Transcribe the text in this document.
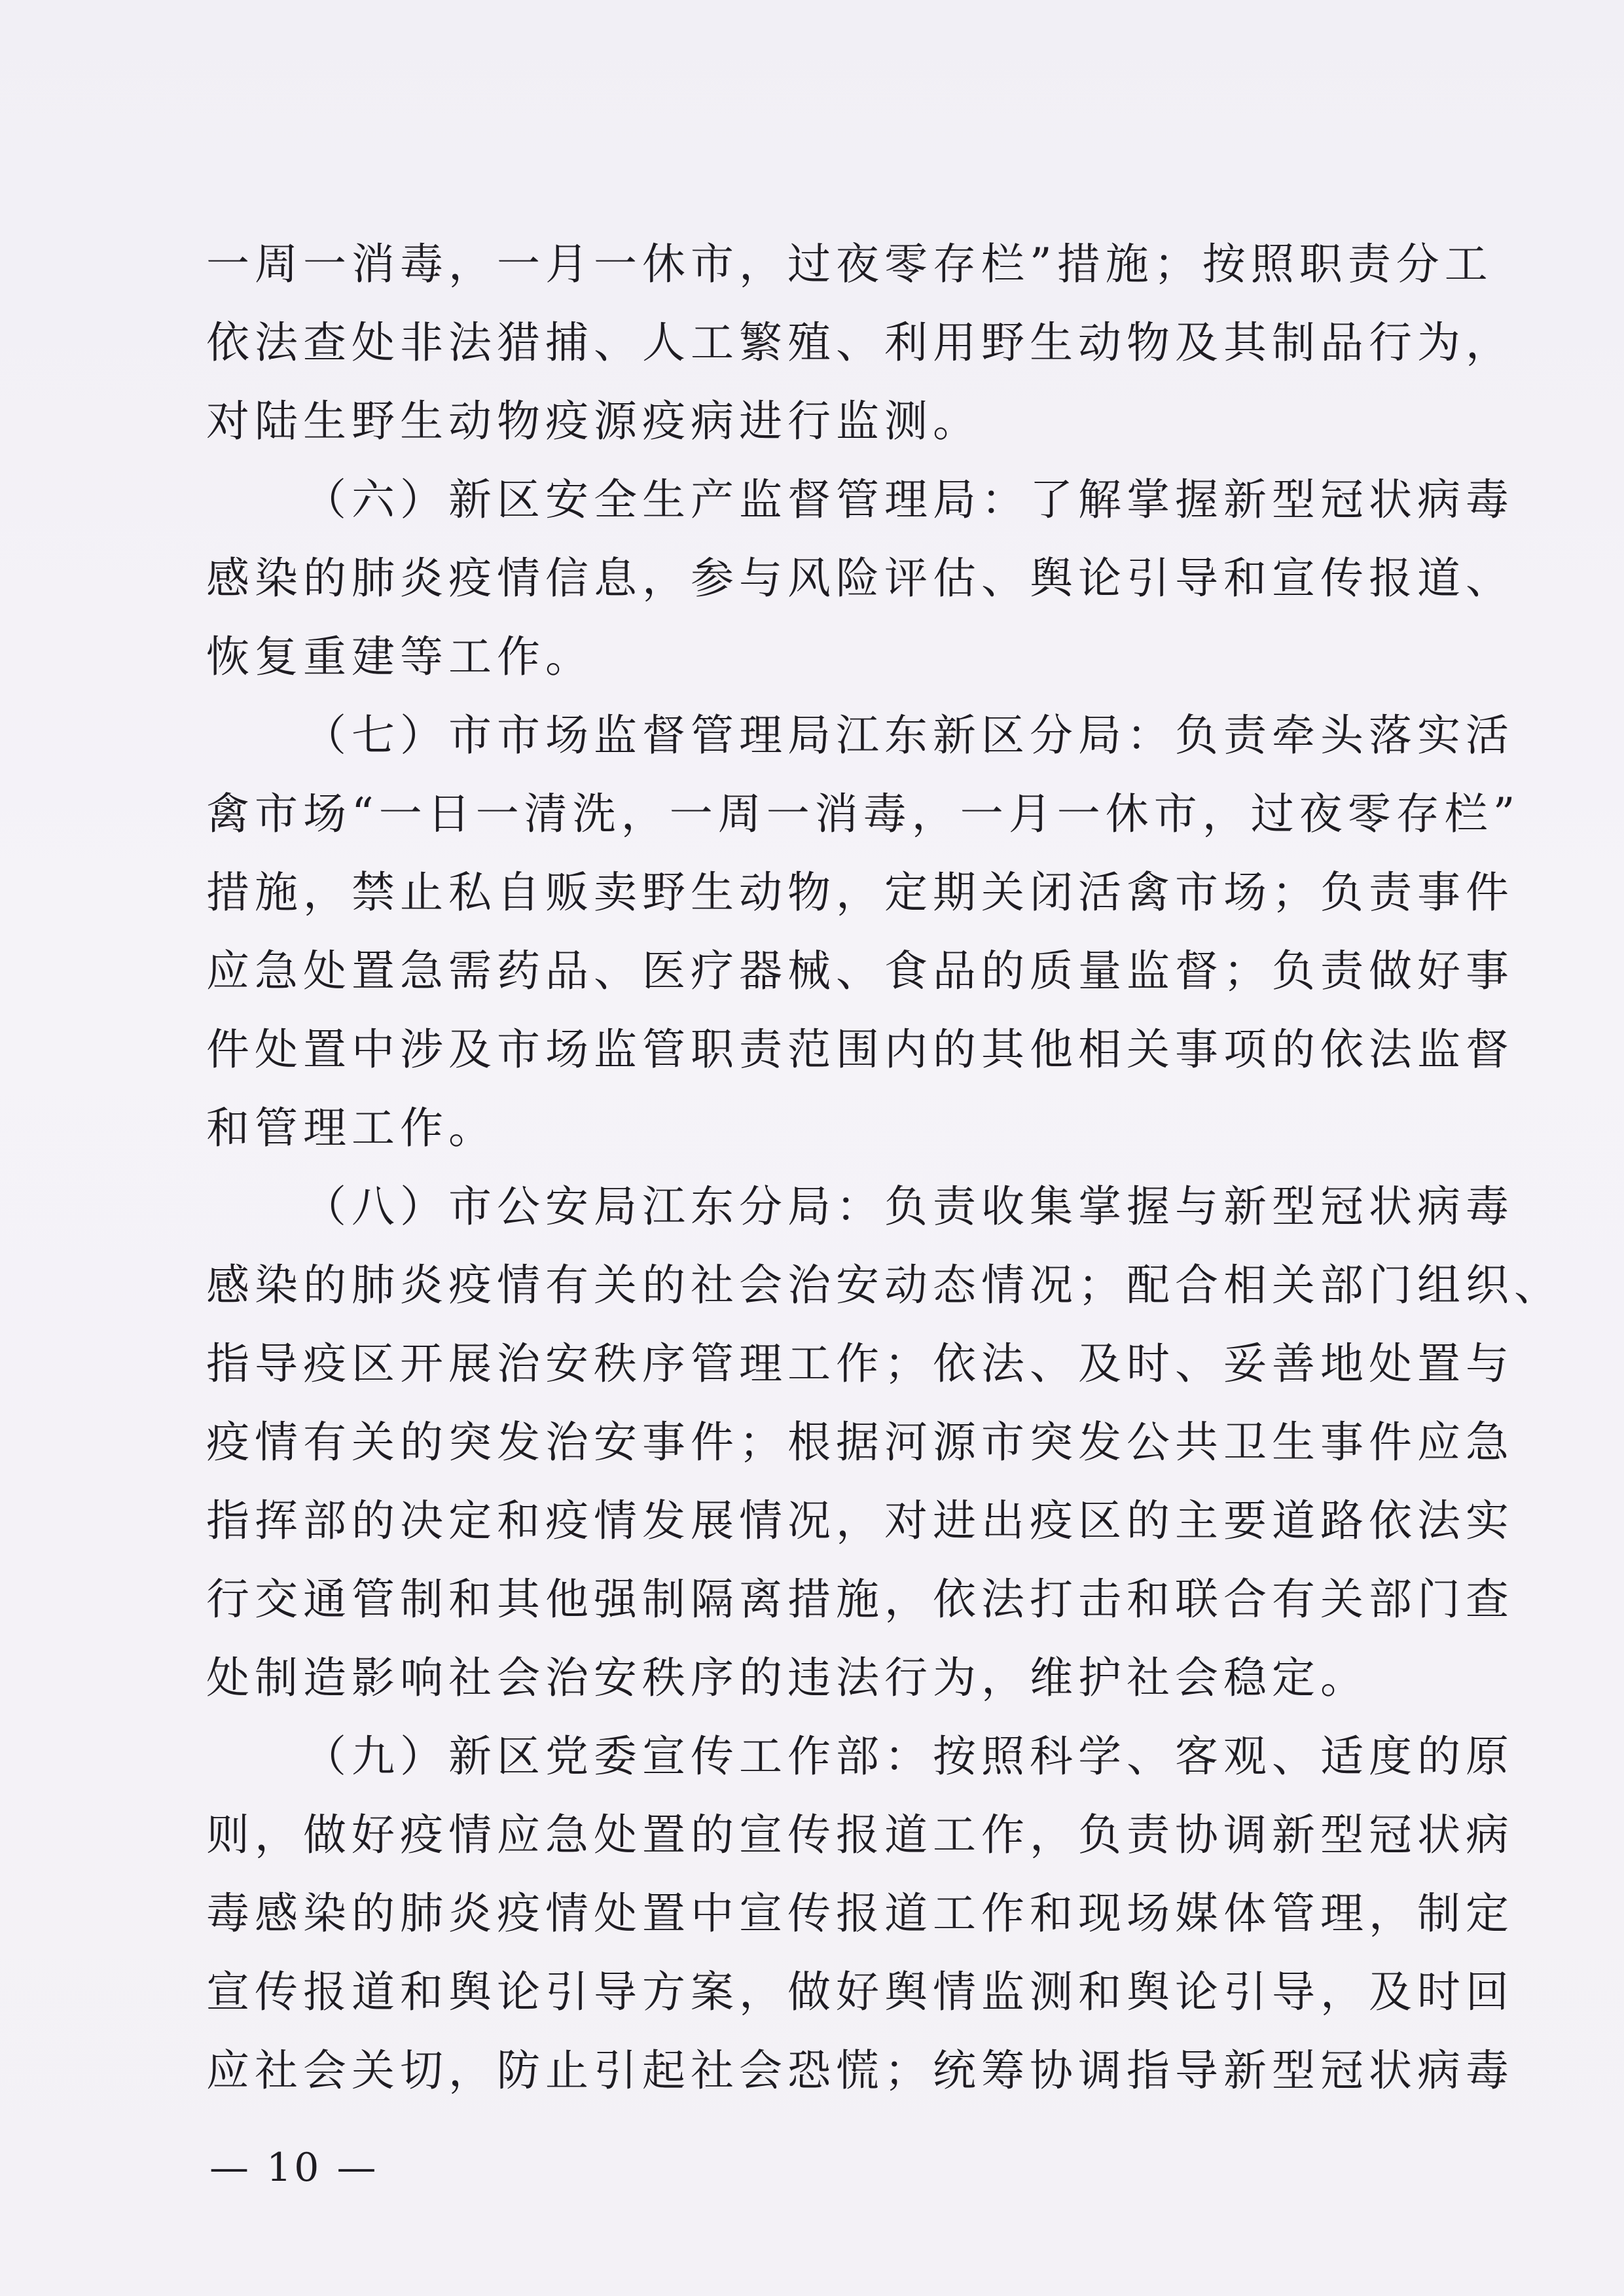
一周一消毒，一月一休市，过夜零存栏”措施；按照职责分工
依法查处非法猎捕、人工繁殖、利用野生动物及其制品行为，
对陆生野生动物疫源疫病进行监测。
（六）新区安全生产监督管理局：了解掌握新型冠状病毒
感染的肺炎疫情信息，参与风险评估、舆论引导和宣传报道、
恢复重建等工作。
（七）市市场监督管理局江东新区分局：负责牵头落实活
禽市场“一日一清洗，一周一消毒，一月一休市，过夜零存栏”
措施，禁止私自贩卖野生动物，定期关闭活禽市场；负责事件
应急处置急需药品、医疗器械、食品的质量监督；负责做好事
件处置中涉及市场监管职责范围内的其他相关事项的依法监督
和管理工作。
（八）市公安局江东分局：负责收集掌握与新型冠状病毒
感染的肺炎疫情有关的社会治安动态情况；配合相关部门组织、
指导疫区开展治安秩序管理工作；依法、及时、妥善地处置与
疫情有关的突发治安事件；根据河源市突发公共卫生事件应急
指挥部的决定和疫情发展情况，对进出疫区的主要道路依法实
行交通管制和其他强制隔离措施，依法打击和联合有关部门查
处制造影响社会治安秩序的违法行为，维护社会稳定。
（九）新区党委宣传工作部：按照科学、客观、适度的原
则，做好疫情应急处置的宣传报道工作，负责协调新型冠状病
毒感染的肺炎疫情处置中宣传报道工作和现场媒体管理，制定
宣传报道和舆论引导方案，做好舆情监测和舆论引导，及时回
应社会关切，防止引起社会恐慌；统筹协调指导新型冠状病毒
— 10 —
